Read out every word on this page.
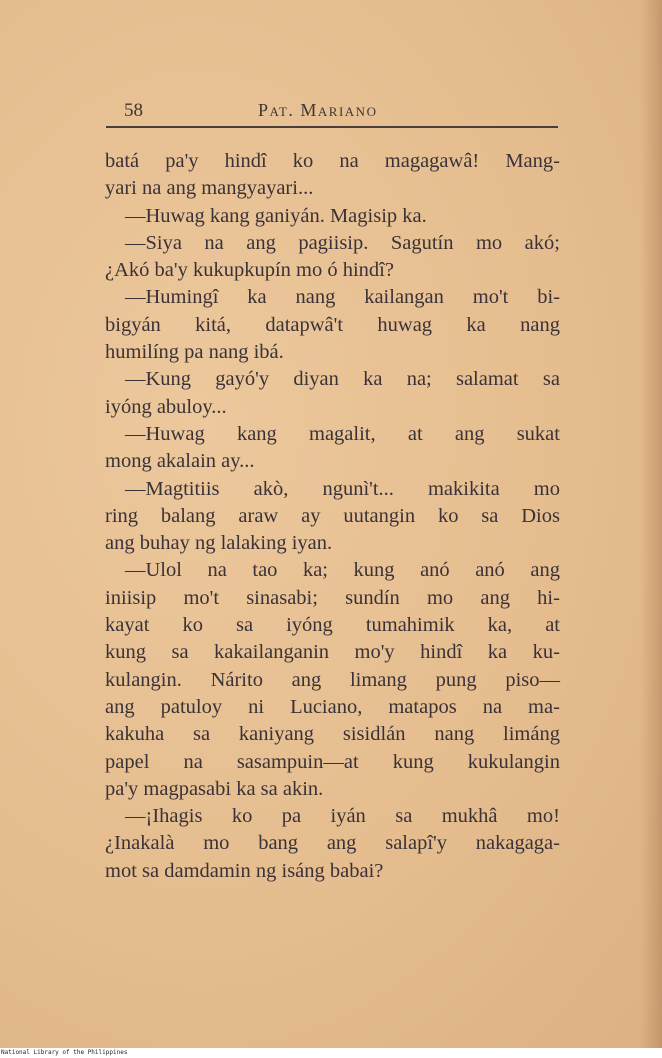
58	Pat. Mariano
batá pa'y hindî ko na magagawâ! Mang-
yari na ang mangyayari...
—Huwag kang ganiyán. Magisip ka.
—Siya na ang pagiisip. Sagutín mo akó;
¿Akó ba'y kukupkupín mo ó hindî?
—Humingî ka nang kailangan mo't bi-
bigyán kitá, datapwâ't huwag ka nang
humilíng pa nang ibá.
—Kung gayó'y diyan ka na; salamat sa
iyóng abuloy...
—Huwag kang magalit, at ang sukat
mong akalain ay...
—Magtitiis akò, ngunì't... makikita mo
ring balang araw ay uutangin ko sa Dios
ang buhay ng lalaking iyan.
—Ulol na tao ka; kung anó anó ang
iniisip mo't sinasabi; sundín mo ang hi-
kayat ko sa iyóng tumahimik ka, at
kung sa kakailanganin mo'y hindî ka ku-
kulangin. Nárito ang limang pung piso—
ang patuloy ni Luciano, matapos na ma-
kakuha sa kaniyang sisidlán nang limáng
papel na sasampuin—at kung kukulangin
pa'y magpasabi ka sa akin.
—¡Ihagis ko pa iyán sa mukhâ mo!
¿Inakalà mo bang ang salapî'y nakagaga-
mot sa damdamin ng isáng babai?
National Library of the Philippines
